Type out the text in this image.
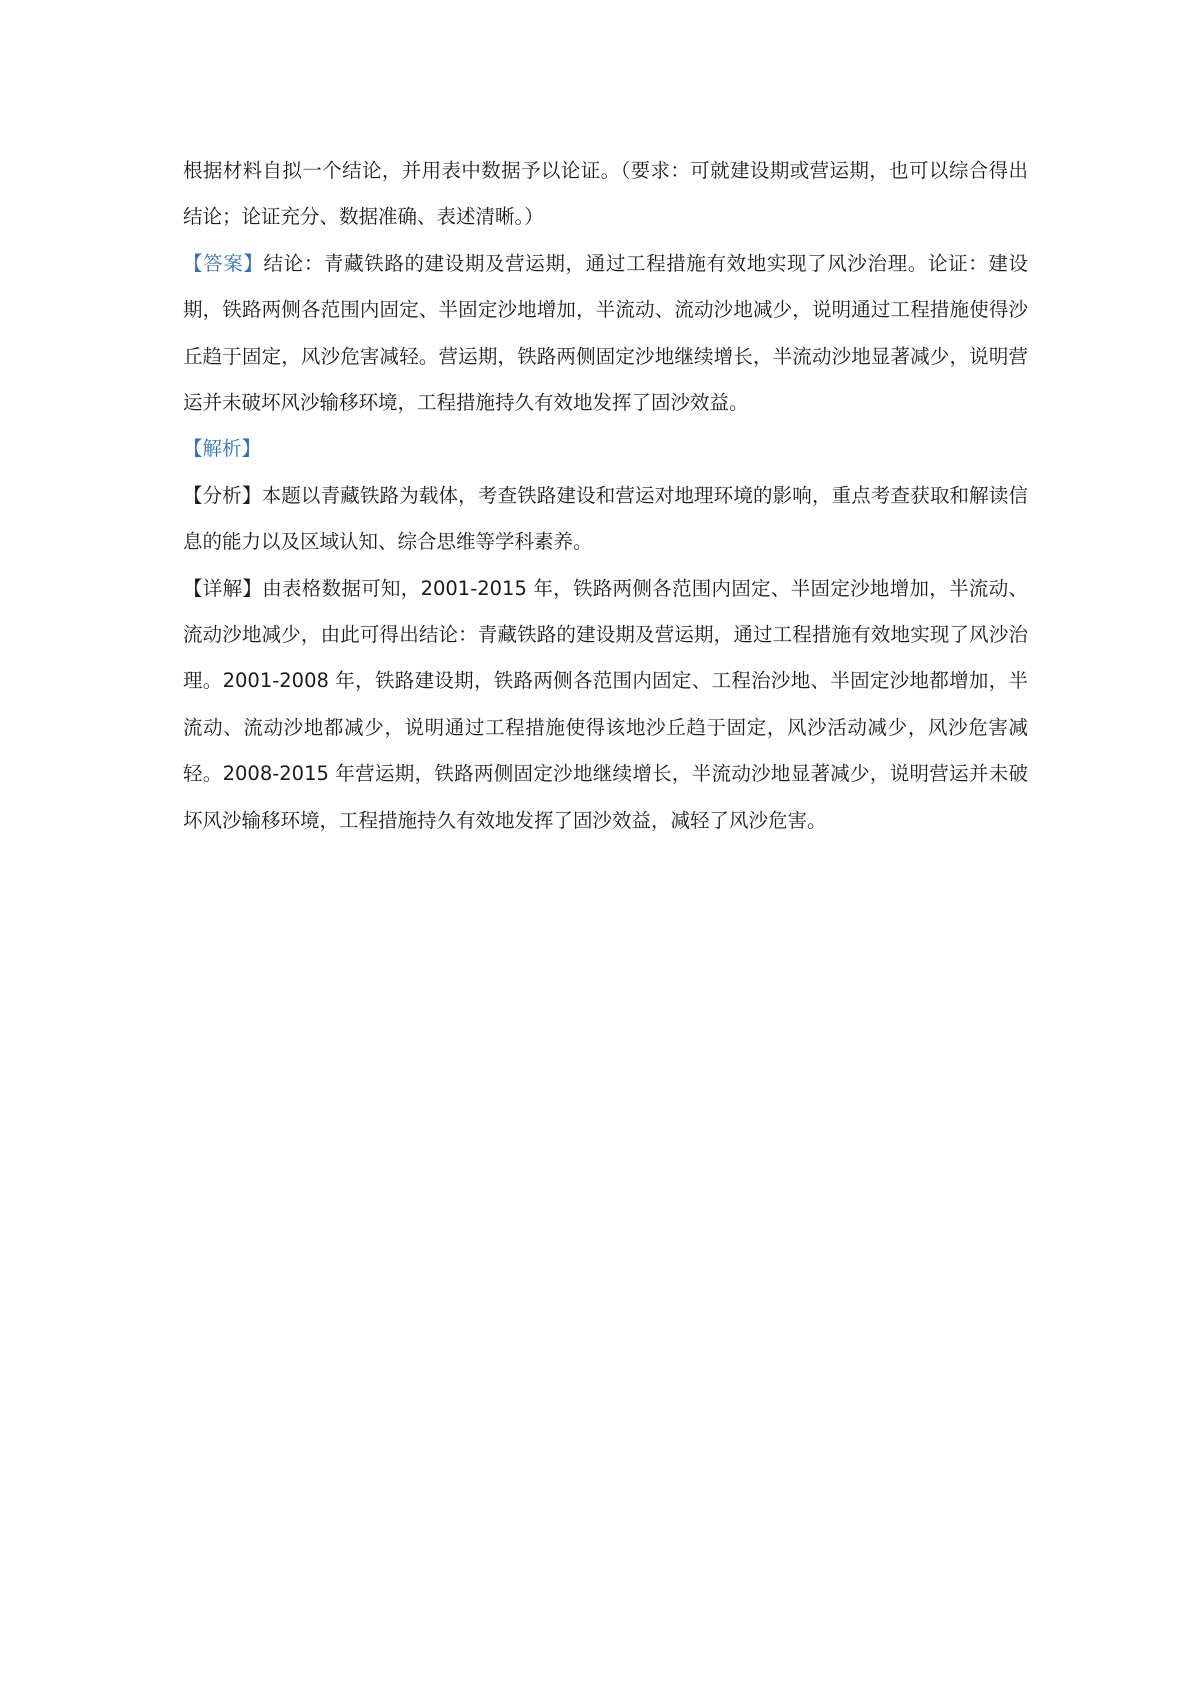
根据材料自拟一个结论，并用表中数据予以论证。（要求：可就建设期或营运期，也可以综合得出结论；论证充分、数据准确、表述清晰。）

【答案】结论：青藏铁路的建设期及营运期，通过工程措施有效地实现了风沙治理。论证：建设期，铁路两侧各范围内固定、半固定沙地增加，半流动、流动沙地减少，说明通过工程措施使得沙丘趋于固定，风沙危害减轻。营运期，铁路两侧固定沙地继续增长，半流动沙地显著减少，说明营运并未破坏风沙输移环境，工程措施持久有效地发挥了固沙效益。

【解析】

【分析】本题以青藏铁路为载体，考查铁路建设和营运对地理环境的影响，重点考查获取和解读信息的能力以及区域认知、综合思维等学科素养。

【详解】由表格数据可知，2001-2015 年，铁路两侧各范围内固定、半固定沙地增加，半流动、流动沙地减少，由此可得出结论：青藏铁路的建设期及营运期，通过工程措施有效地实现了风沙治理。2001-2008 年，铁路建设期，铁路两侧各范围内固定、工程治沙地、半固定沙地都增加，半流动、流动沙地都减少，说明通过工程措施使得该地沙丘趋于固定，风沙活动减少，风沙危害减轻。2008-2015 年营运期，铁路两侧固定沙地继续增长，半流动沙地显著减少，说明营运并未破坏风沙输移环境，工程措施持久有效地发挥了固沙效益，减轻了风沙危害。
